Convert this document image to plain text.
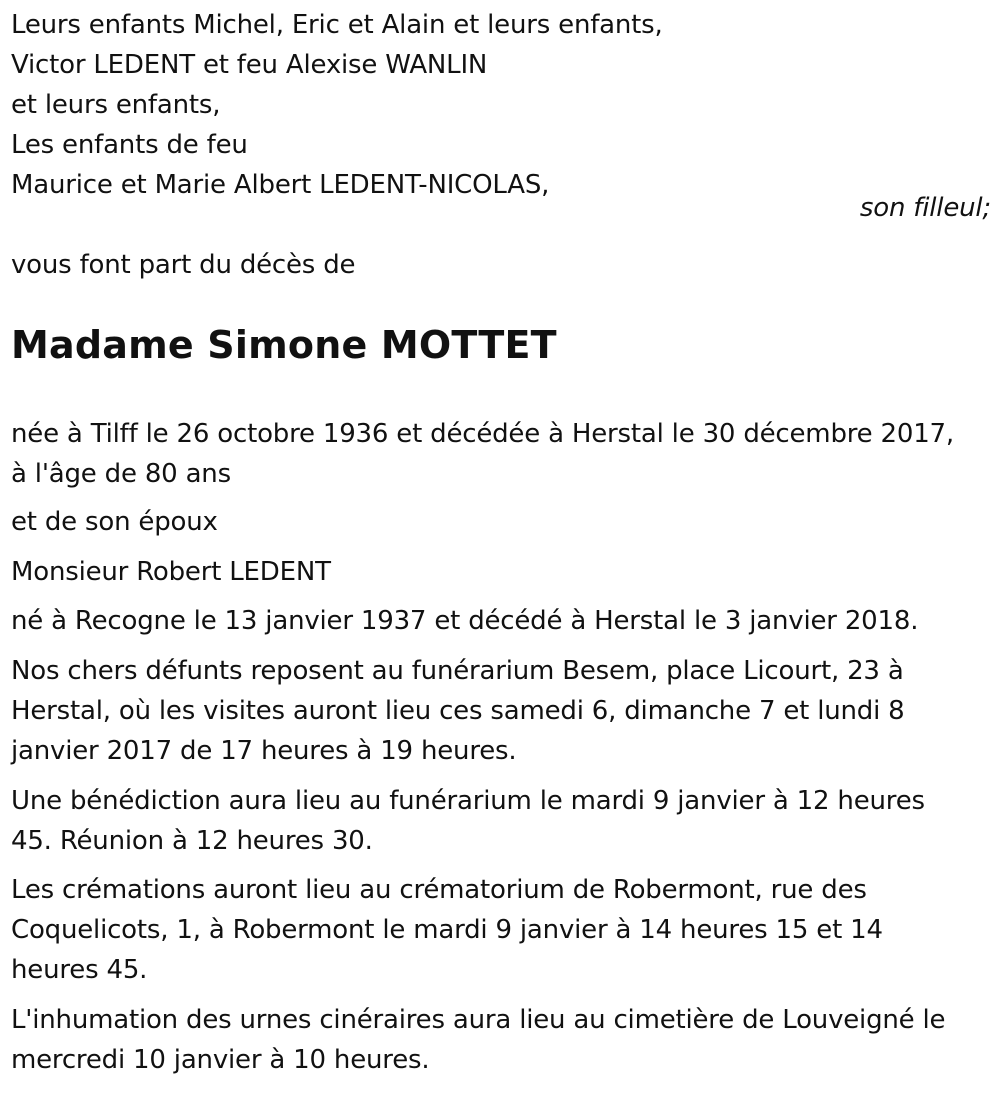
Leurs enfants Michel, Eric et Alain et leurs enfants,
Victor LEDENT et feu Alexise WANLIN
et leurs enfants,
Les enfants de feu
Maurice et Marie Albert LEDENT-NICOLAS,
son filleul;
vous font part du décès de
Madame Simone MOTTET
née à Tilff le 26 octobre 1936 et décédée à Herstal le 30 décembre 2017,
à l'âge de 80 ans
et de son époux
Monsieur Robert LEDENT
né à Recogne le 13 janvier 1937 et décédé à Herstal le 3 janvier 2018.
Nos chers défunts reposent au funérarium Besem, place Licourt, 23 à
Herstal, où les visites auront lieu ces samedi 6, dimanche 7 et lundi 8
janvier 2017 de 17 heures à 19 heures.
Une bénédiction aura lieu au funérarium le mardi 9 janvier à 12 heures
45. Réunion à 12 heures 30.
Les crémations auront lieu au crématorium de Robermont, rue des
Coquelicots, 1, à Robermont le mardi 9 janvier à 14 heures 15 et 14
heures 45.
L'inhumation des urnes cinéraires aura lieu au cimetière de Louveigné le
mercredi 10 janvier à 10 heures.
